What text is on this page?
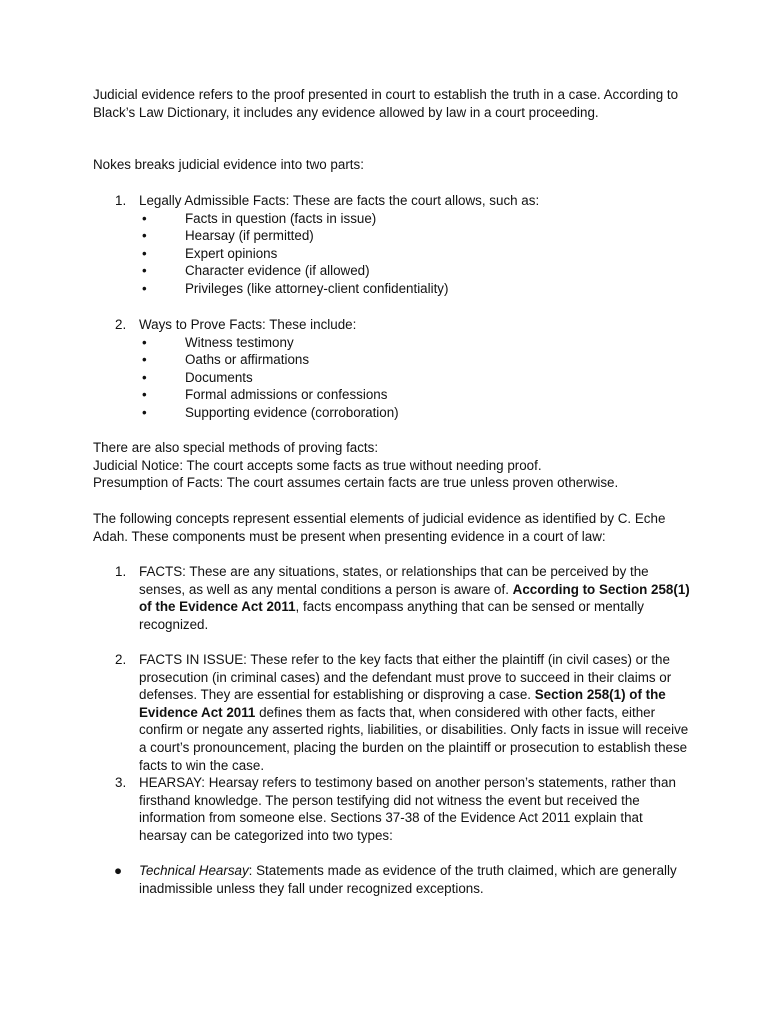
Judicial evidence refers to the proof presented in court to establish the truth in a case. According to Black’s Law Dictionary, it includes any evidence allowed by law in a court proceeding.

Nokes breaks judicial evidence into two parts:

1. Legally Admissible Facts: These are facts the court allows, such as:
•	Facts in question (facts in issue)
•	Hearsay (if permitted)
•	Expert opinions
•	Character evidence (if allowed)
•	Privileges (like attorney-client confidentiality)
2. Ways to Prove Facts: These include:
•	Witness testimony
•	Oaths or affirmations
•	Documents
•	Formal admissions or confessions
•	Supporting evidence (corroboration)
There are also special methods of proving facts:
Judicial Notice: The court accepts some facts as true without needing proof.
Presumption of Facts: The court assumes certain facts are true unless proven otherwise.

The following concepts represent essential elements of judicial evidence as identified by C. Eche Adah. These components must be present when presenting evidence in a court of law:

1. FACTS: These are any situations, states, or relationships that can be perceived by the senses, as well as any mental conditions a person is aware of. According to Section 258(1) of the Evidence Act 2011, facts encompass anything that can be sensed or mentally recognized.
2. FACTS IN ISSUE: These refer to the key facts that either the plaintiff (in civil cases) or the prosecution (in criminal cases) and the defendant must prove to succeed in their claims or defenses. They are essential for establishing or disproving a case. Section 258(1) of the Evidence Act 2011 defines them as facts that, when considered with other facts, either confirm or negate any asserted rights, liabilities, or disabilities. Only facts in issue will receive a court’s pronouncement, placing the burden on the plaintiff or prosecution to establish these facts to win the case.
3. HEARSAY: Hearsay refers to testimony based on another person’s statements, rather than firsthand knowledge. The person testifying did not witness the event but received the information from someone else. Sections 37-38 of the Evidence Act 2011 explain that hearsay can be categorized into two types:
● Technical Hearsay: Statements made as evidence of the truth claimed, which are generally inadmissible unless they fall under recognized exceptions.
